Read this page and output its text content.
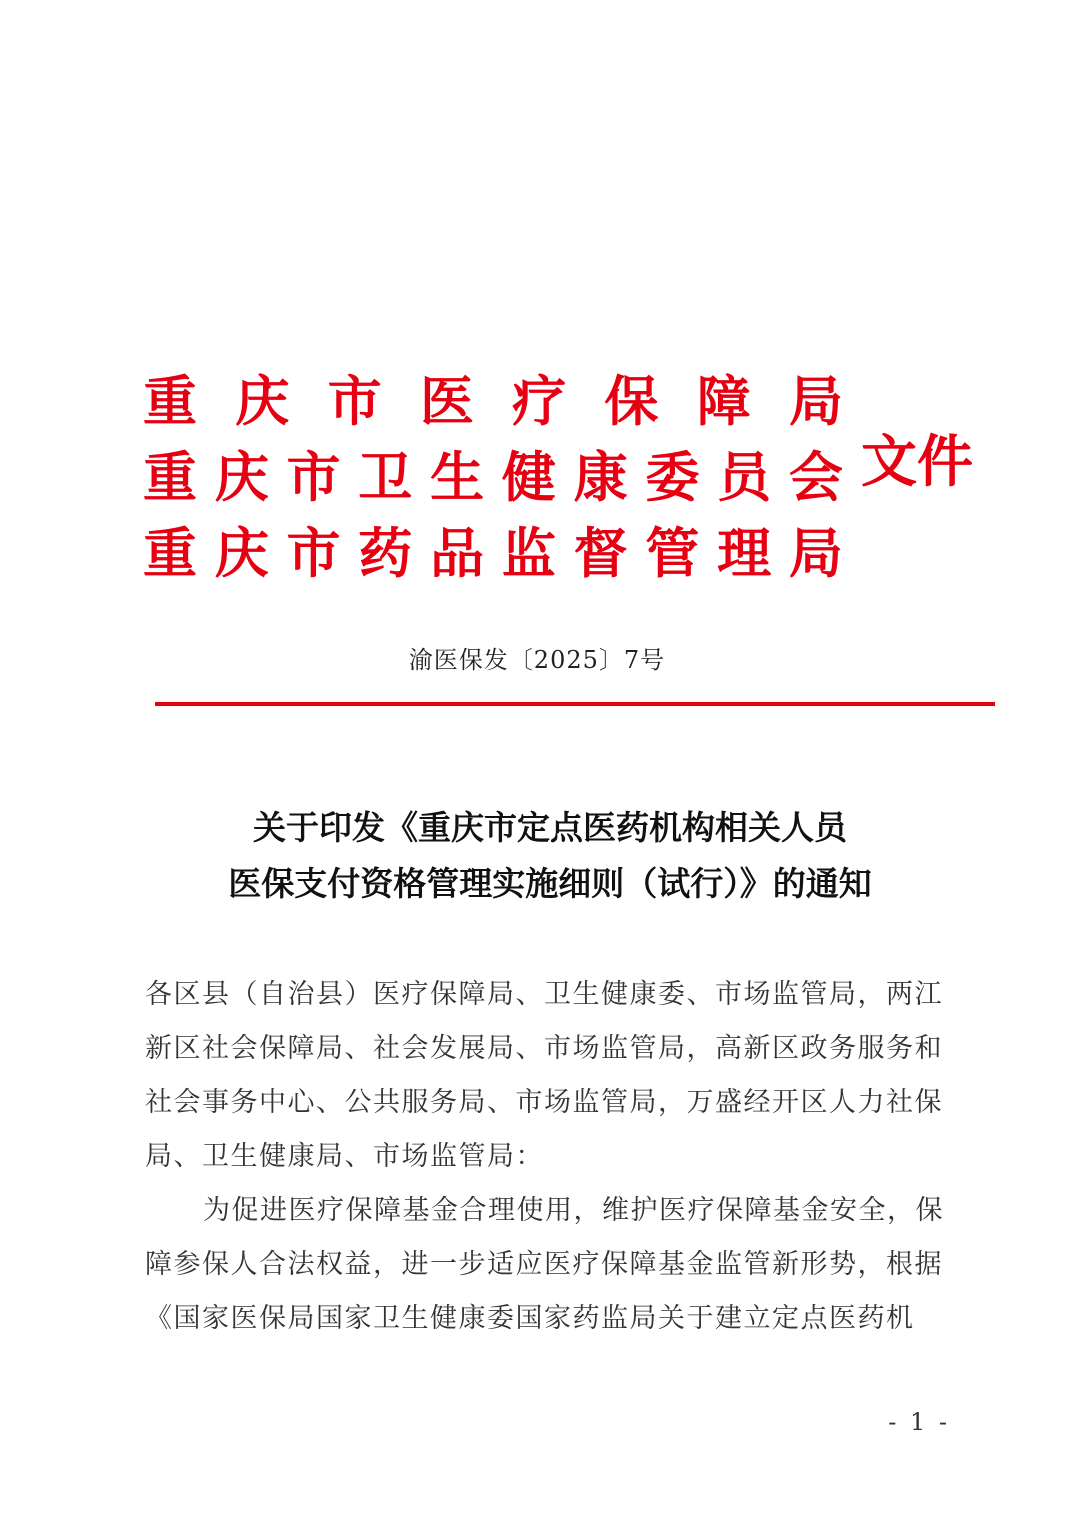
重 庆 市 医 疗 保 障 局
重 庆 市 卫 生 健 康 委 员 会
重 庆 市 药 品 监 督 管 理 局
文件
渝医保发〔2025〕7号
关于印发《重庆市定点医药机构相关人员
医保支付资格管理实施细则（试行）》的通知
各区县（自治县）医疗保障局、卫生健康委、市场监管局，两江
新区社会保障局、社会发展局、市场监管局，高新区政务服务和
社会事务中心、公共服务局、市场监管局，万盛经开区人力社保
局、卫生健康局、市场监管局：
为促进医疗保障基金合理使用，维护医疗保障基金安全，保
障参保人合法权益，进一步适应医疗保障基金监管新形势，根据
《国家医保局国家卫生健康委国家药监局关于建立定点医药机
- 1 -
